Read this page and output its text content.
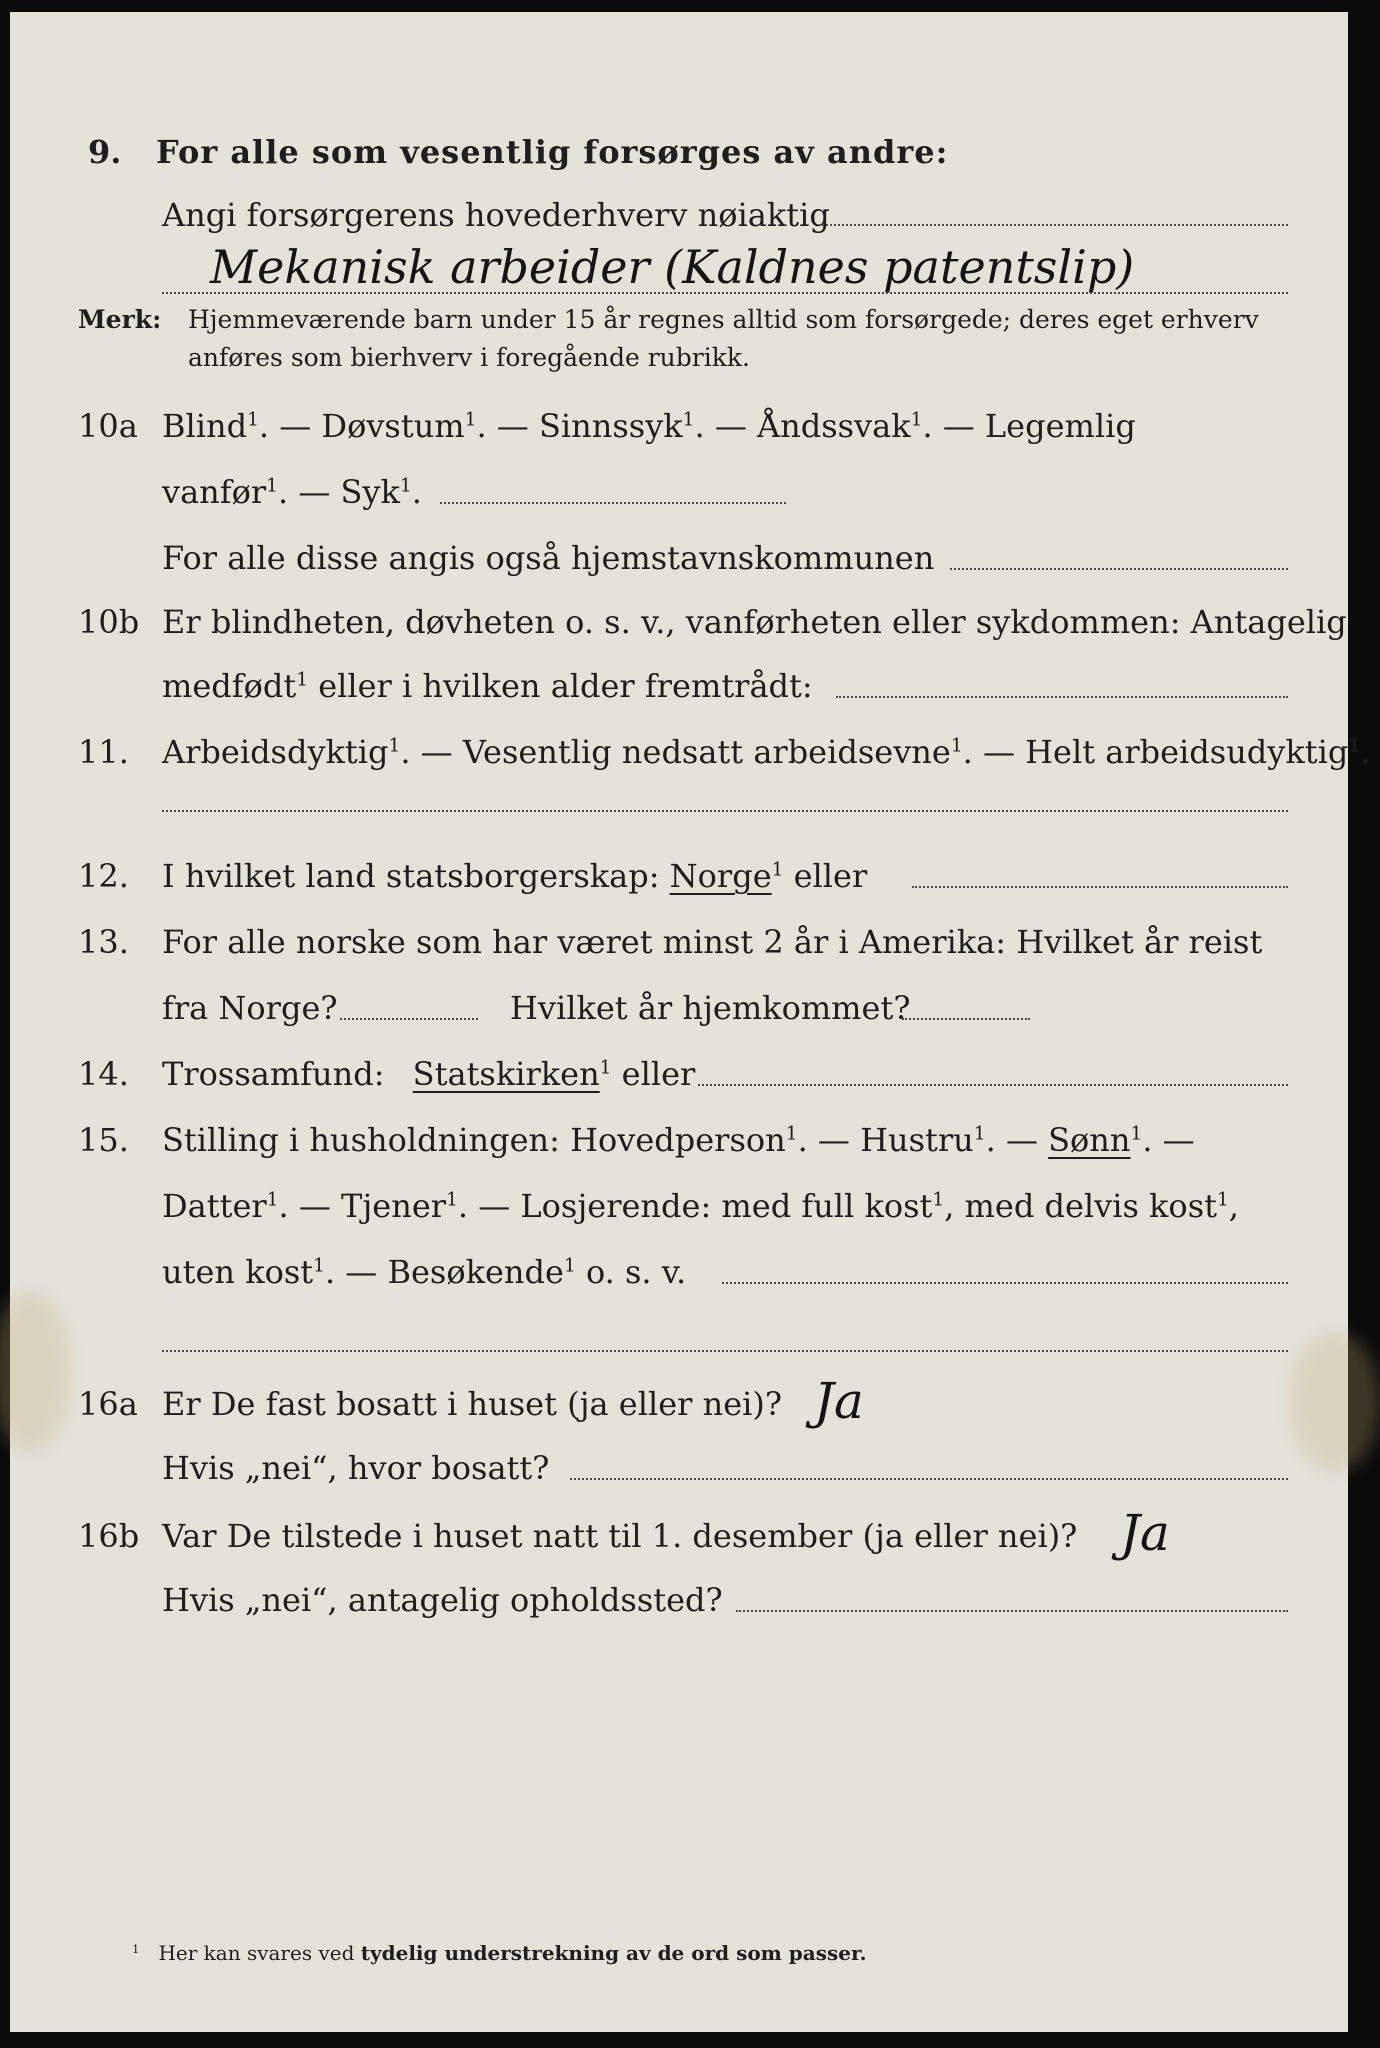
9. For alle som vesentlig forsørges av andre:
Angi forsørgerens hovederhverv nøiaktig
Mekanisk arbeider (Kaldnes patentslip)
Merk: Hjemmeværende barn under 15 år regnes alltid som forsørgede; deres eget erhverv
anføres som bierhverv i foregående rubrikk.
10a Blind$^1$. — Døvstum$^1$. — Sinnssyk$^1$. — Åndssvak$^1$. — Legemlig
vanfør$^1$. — Syk$^1$.
For alle disse angis også hjemstavnskommunen
10b Er blindheten, døvheten o. s. v., vanførheten eller sykdommen: Antagelig
medfødt$^1$ eller i hvilken alder fremtrådt:
11. Arbeidsdyktig$^1$. — Vesentlig nedsatt arbeidsevne$^1$. — Helt arbeidsudyktig$^1$.
12. I hvilket land statsborgerskap: Norge$^1$ eller
13. For alle norske som har været minst 2 år i Amerika: Hvilket år reist
fra Norge?	Hvilket år hjemkommet?
14. Trossamfund: Statskirken$^1$ eller
15. Stilling i husholdningen: Hovedperson$^1$. — Hustru$^1$. — Sønn$^1$. —
Datter$^1$. — Tjener$^1$. — Losjerende: med full kost$^1$, med delvis kost$^1$,
uten kost$^1$. — Besøkende$^1$ o. s. v.
16a Er De fast bosatt i huset (ja eller nei)? Ja
Hvis „nei“, hvor bosatt?
16b Var De tilstede i huset natt til 1. desember (ja eller nei)? Ja
Hvis „nei“, antagelig opholdssted?
$^1$ Her kan svares ved tydelig understrekning av de ord som passer.
